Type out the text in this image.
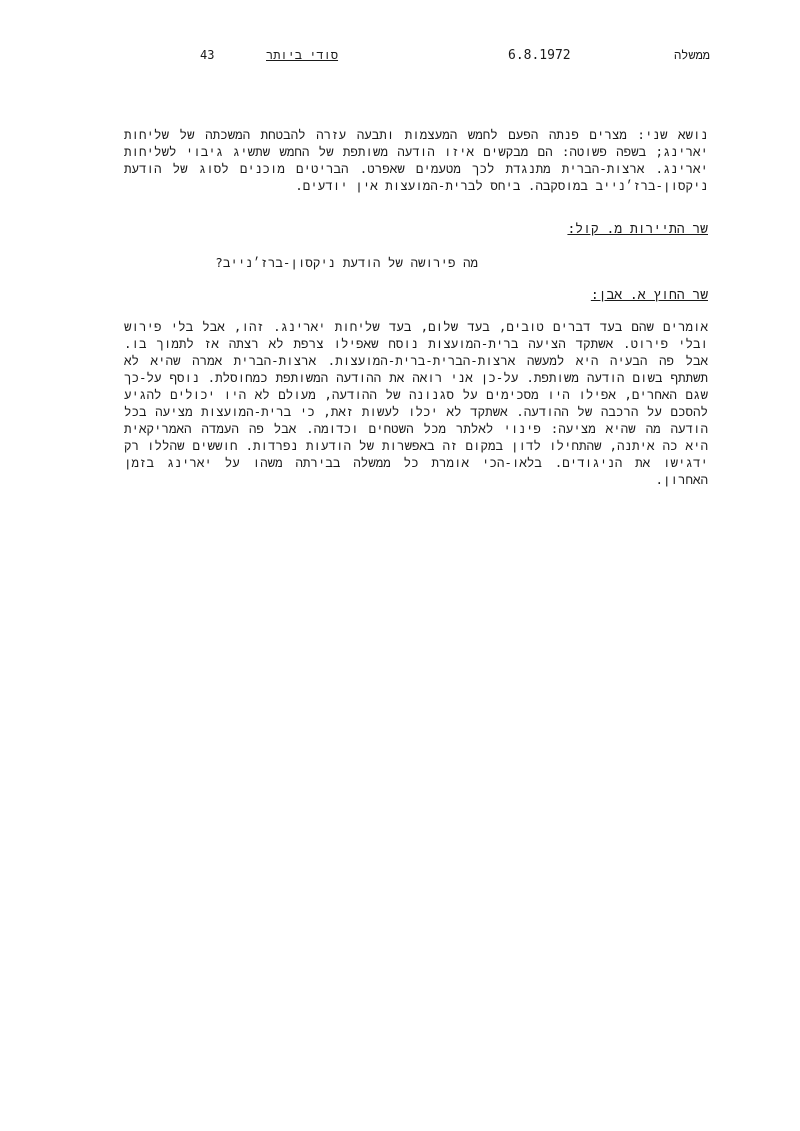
43	סודי ביותר	6.8.1972	ממשלה

נושא שני: מצרים פנתה הפעם לחמש המעצמות ותבעה עזרה להבטחת המשכתה של שליחות יארינג; בשפה פשוטה: הם מבקשים איזו הודעה משותפת של החמש שתשיג גיבוי לשליחות יארינג. ארצות-הברית מתנגדת לכך מטעמים שאפרט. הבריטים מוכנים לסוג של הודעת ניקסון-ברז׳נייב במוסקבה. ביחס לברית-המועצות אין יודעים.

שר התיירות מ. קול:

מה פירושה של הודעת ניקסון-ברז׳נייב?

שר החוץ א. אבן:

אומרים שהם בעד דברים טובים, בעד שלום, בעד שליחות יארינג. זהו, אבל בלי פירוש ובלי פירוט. אשתקד הציעה ברית-המועצות נוסח שאפילו צרפת לא רצתה אז לתמוך בו. אבל פה הבעיה היא למעשה ארצות-הברית-ברית-המועצות. ארצות-הברית אמרה שהיא לא תשתתף בשום הודעה משותפת. על-כן אני רואה את ההודעה המשותפת כמחוסלת. נוסף על-כך שגם האחרים, אפילו היו מסכימים על סגנונה של ההודעה, מעולם לא היו יכולים להגיע להסכם על הרכבה של ההודעה. אשתקד לא יכלו לעשות זאת, כי ברית-המועצות מציעה בכל הודעה מה שהיא מציעה: פינוי לאלתר מכל השטחים וכדומה. אבל פה העמדה האמריקאית היא כה איתנה, שהתחילו לדון במקום זה באפשרות של הודעות נפרדות. חוששים שהללו רק ידגישו את הניגודים. בלאו-הכי אומרת כל ממשלה בבירתה משהו על יארינג בזמן האחרון.
